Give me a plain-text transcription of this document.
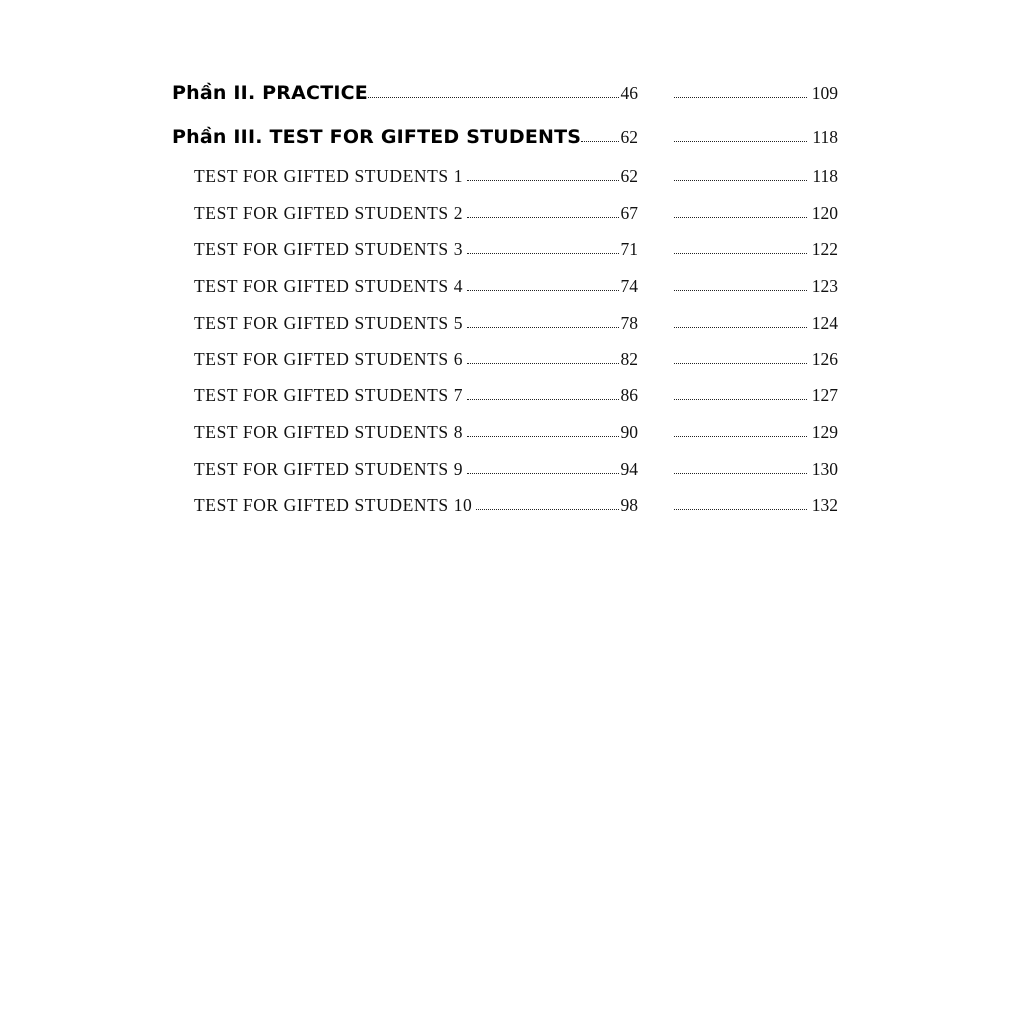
Phần II. PRACTICE	46	109
Phần III. TEST FOR GIFTED STUDENTS 62	118
TEST FOR GIFTED STUDENTS 1	62	118
TEST FOR GIFTED STUDENTS 2	67	120
TEST FOR GIFTED STUDENTS 3	71	122
TEST FOR GIFTED STUDENTS 4	74	123
TEST FOR GIFTED STUDENTS 5	78	124
TEST FOR GIFTED STUDENTS 6	82	126
TEST FOR GIFTED STUDENTS 7	86	127
TEST FOR GIFTED STUDENTS 8	90	129
TEST FOR GIFTED STUDENTS 9	94	130
TEST FOR GIFTED STUDENTS 10	98	132
